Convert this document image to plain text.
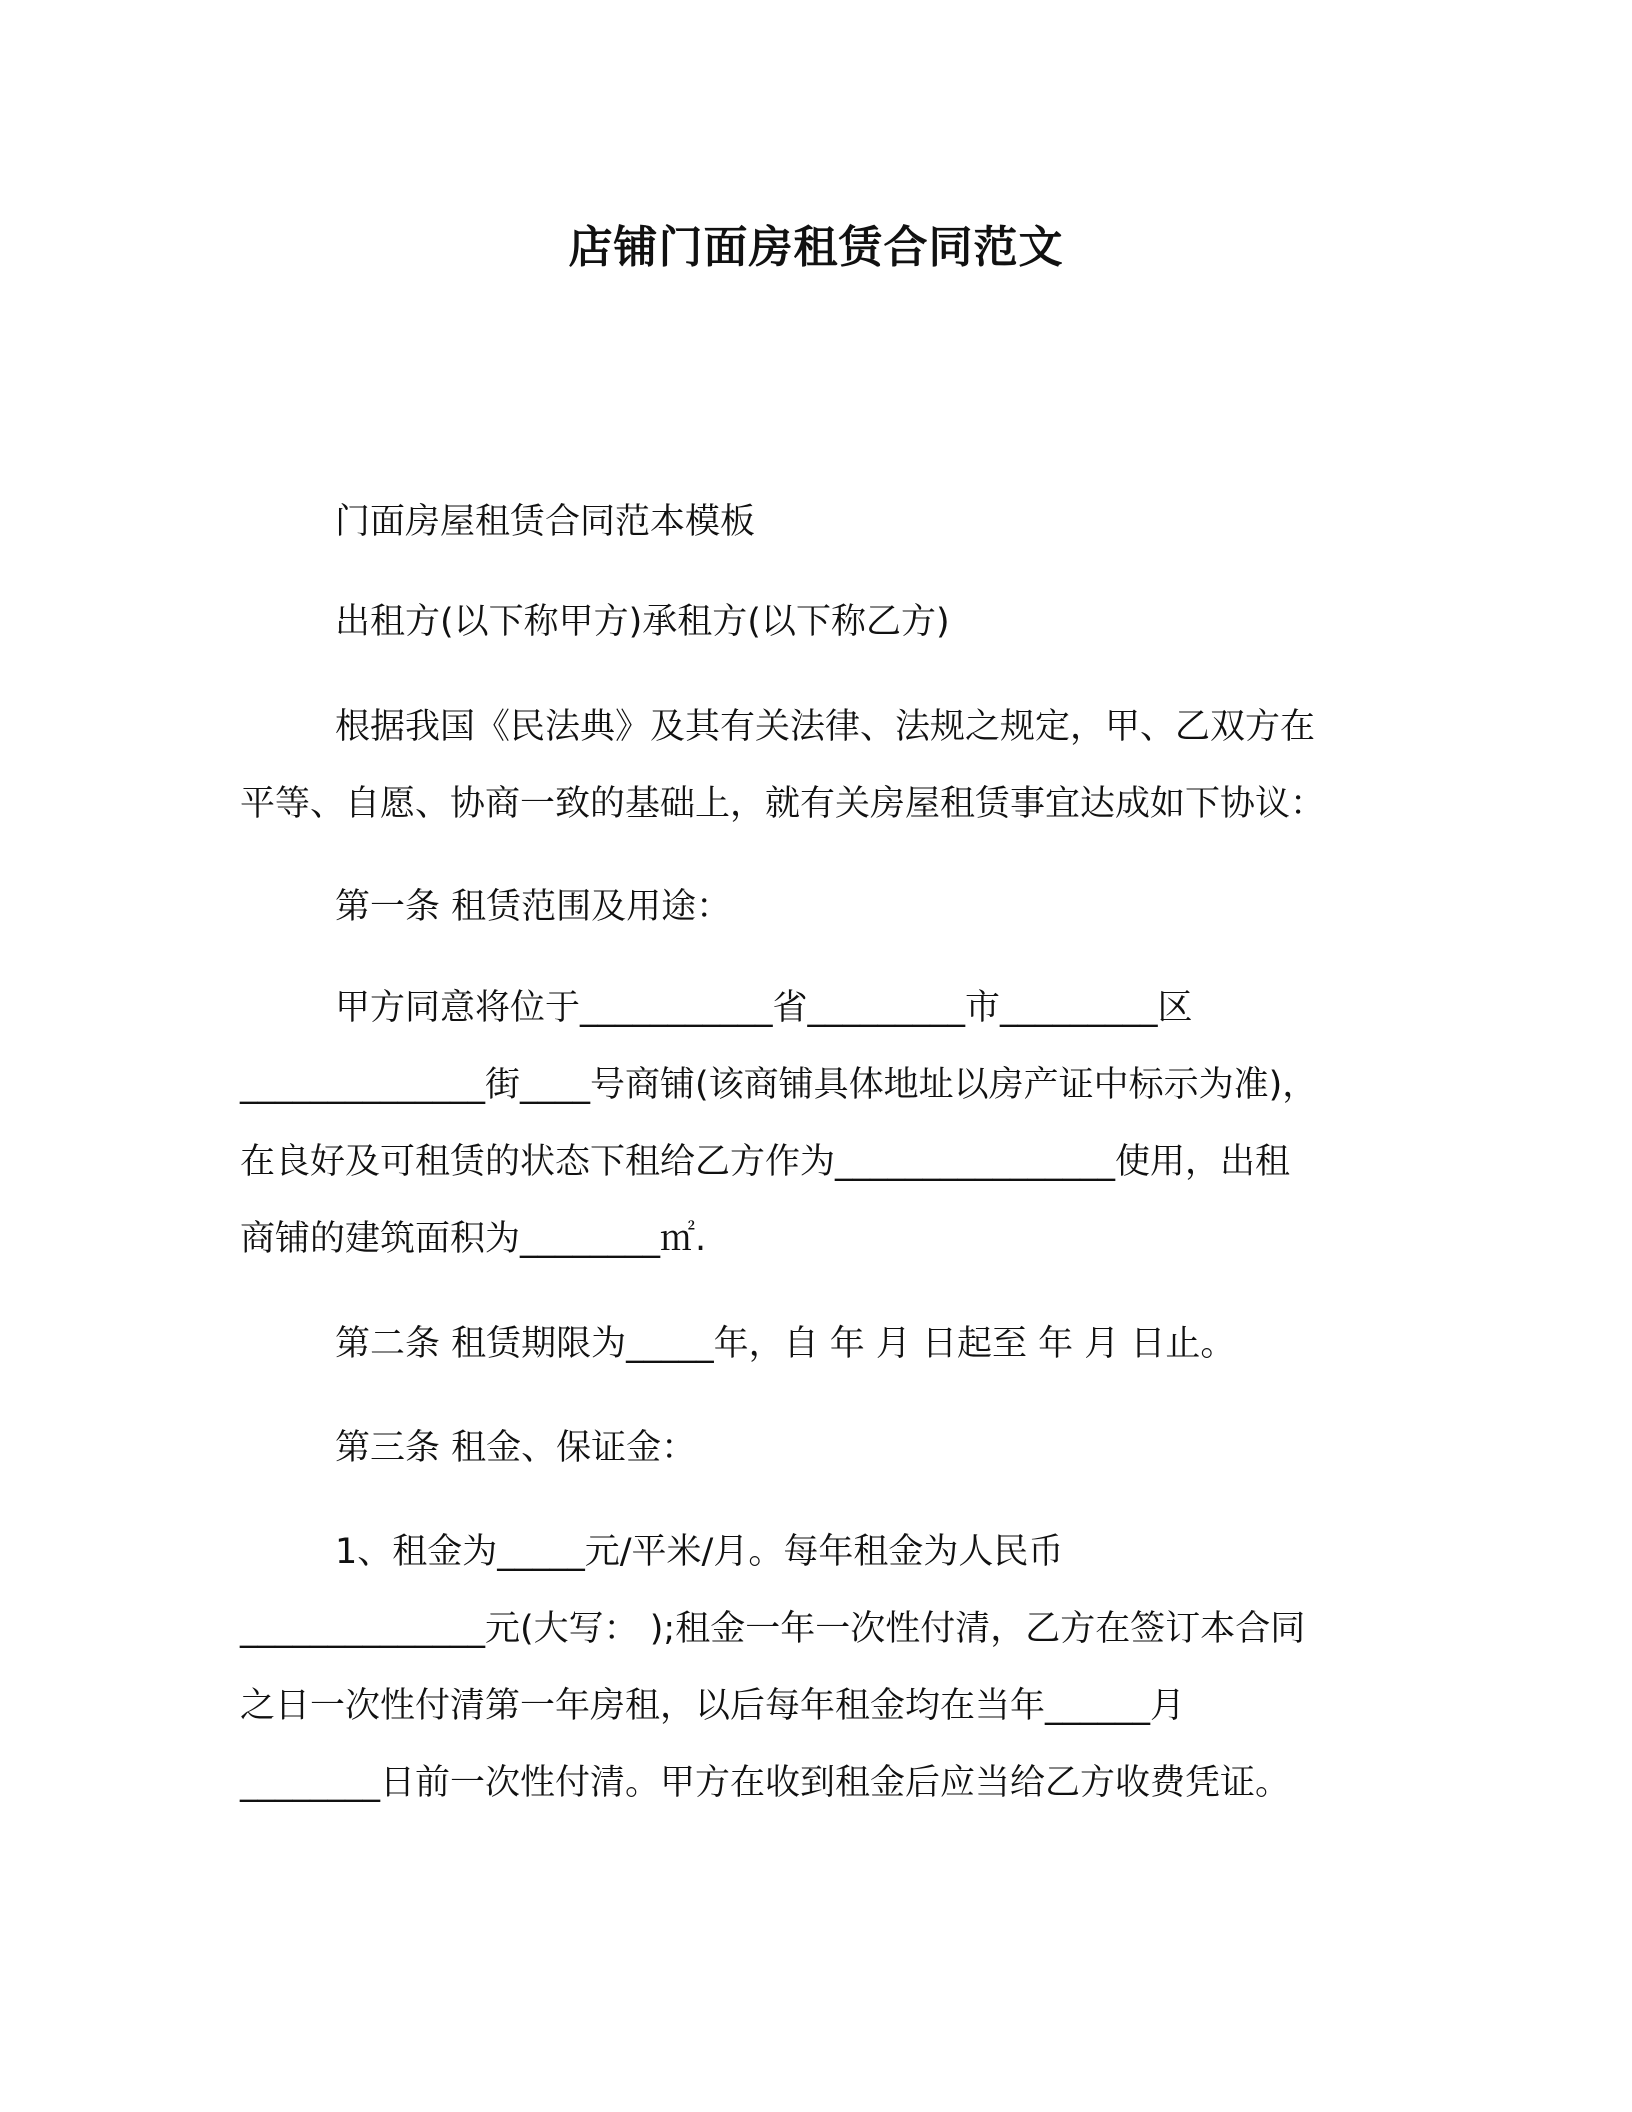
店铺门面房租赁合同范文

门面房屋租赁合同范本模板

出租方(以下称甲方)承租方(以下称乙方)

根据我国《民法典》及其有关法律、法规之规定，甲、乙双方在
平等、自愿、协商一致的基础上，就有关房屋租赁事宜达成如下协议：

第一条 租赁范围及用途：

甲方同意将位于___________省_________市_________区
______________街____号商铺(该商铺具体地址以房产证中标示为准)，
在良好及可租赁的状态下租给乙方作为________________使用，出租
商铺的建筑面积为________㎡.

第二条 租赁期限为_____年，自 年 月 日起至 年 月 日止。

第三条 租金、保证金：

1、租金为_____元/平米/月。每年租金为人民币
______________元(大写： );租金一年一次性付清，乙方在签订本合同
之日一次性付清第一年房租，以后每年租金均在当年______月
________日前一次性付清。甲方在收到租金后应当给乙方收费凭证。
